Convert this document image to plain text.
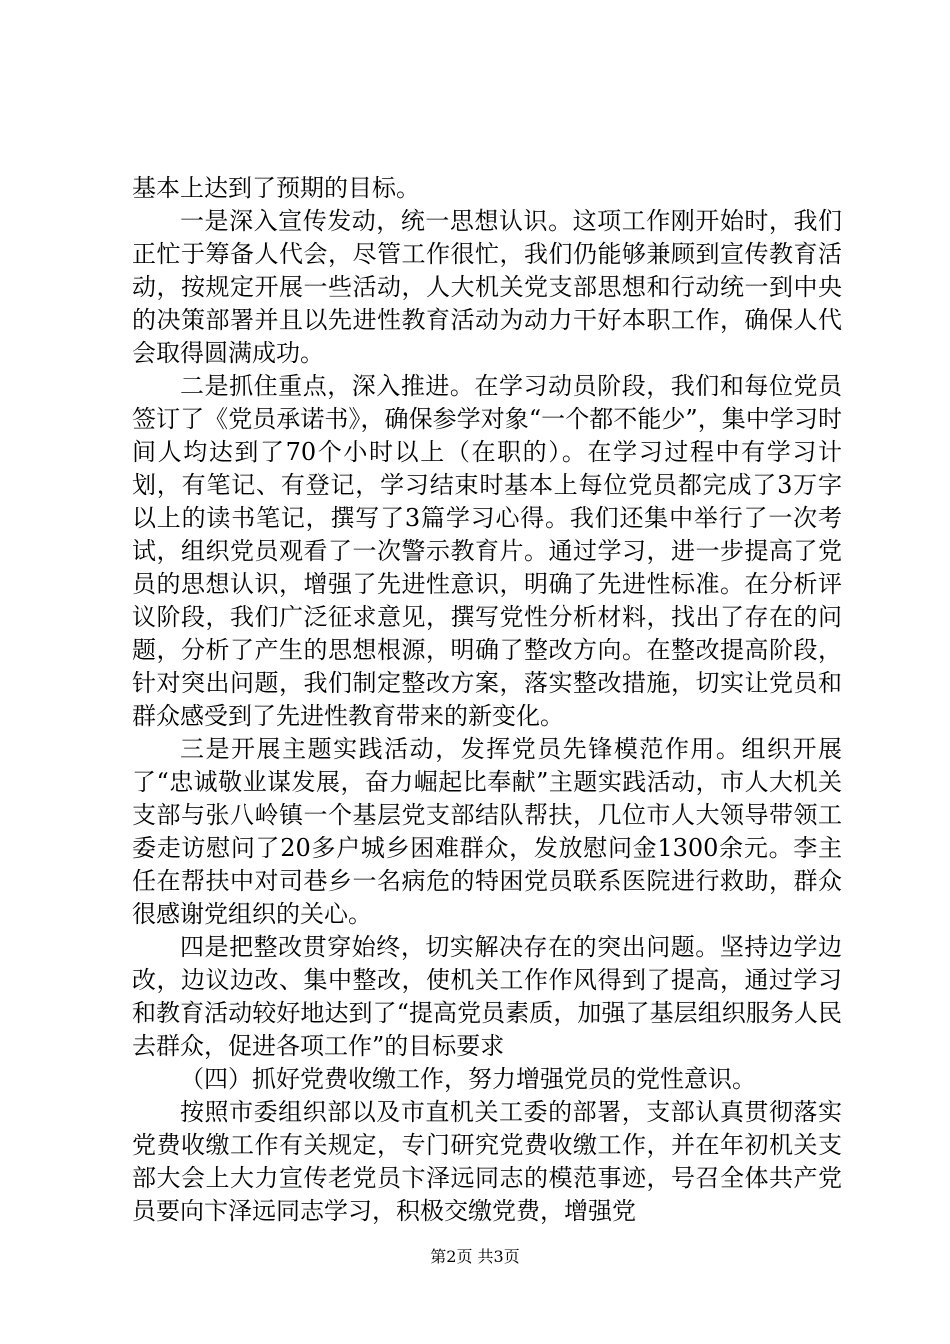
基本上达到了预期的目标。

一是深入宣传发动，统一思想认识。这项工作刚开始时，我们正忙于筹备人代会，尽管工作很忙，我们仍能够兼顾到宣传教育活动，按规定开展一些活动，人大机关党支部思想和行动统一到中央的决策部署并且以先进性教育活动为动力干好本职工作，确保人代会取得圆满成功。

二是抓住重点，深入推进。在学习动员阶段，我们和每位党员签订了《党员承诺书》，确保参学对象“一个都不能少”，集中学习时间人均达到了70个小时以上（在职的）。在学习过程中有学习计划，有笔记、有登记，学习结束时基本上每位党员都完成了3万字以上的读书笔记，撰写了3篇学习心得。我们还集中举行了一次考试，组织党员观看了一次警示教育片。通过学习，进一步提高了党员的思想认识，增强了先进性意识，明确了先进性标准。在分析评议阶段，我们广泛征求意见，撰写党性分析材料，找出了存在的问题，分析了产生的思想根源，明确了整改方向。在整改提高阶段，针对突出问题，我们制定整改方案，落实整改措施，切实让党员和群众感受到了先进性教育带来的新变化。

三是开展主题实践活动，发挥党员先锋模范作用。组织开展了“忠诚敬业谋发展，奋力崛起比奉献”主题实践活动，市人大机关支部与张八岭镇一个基层党支部结队帮扶，几位市人大领导带领工委走访慰问了20多户城乡困难群众，发放慰问金1300余元。李主任在帮扶中对司巷乡一名病危的特困党员联系医院进行救助，群众很感谢党组织的关心。

四是把整改贯穿始终，切实解决存在的突出问题。坚持边学边改，边议边改、集中整改，使机关工作作风得到了提高，通过学习和教育活动较好地达到了“提高党员素质，加强了基层组织服务人民去群众，促进各项工作”的目标要求

（四）抓好党费收缴工作，努力增强党员的党性意识。

按照市委组织部以及市直机关工委的部署，支部认真贯彻落实党费收缴工作有关规定，专门研究党费收缴工作，并在年初机关支部大会上大力宣传老党员卞泽远同志的模范事迹，号召全体共产党员要向卞泽远同志学习，积极交缴党费，增强党

第2页 共3页
